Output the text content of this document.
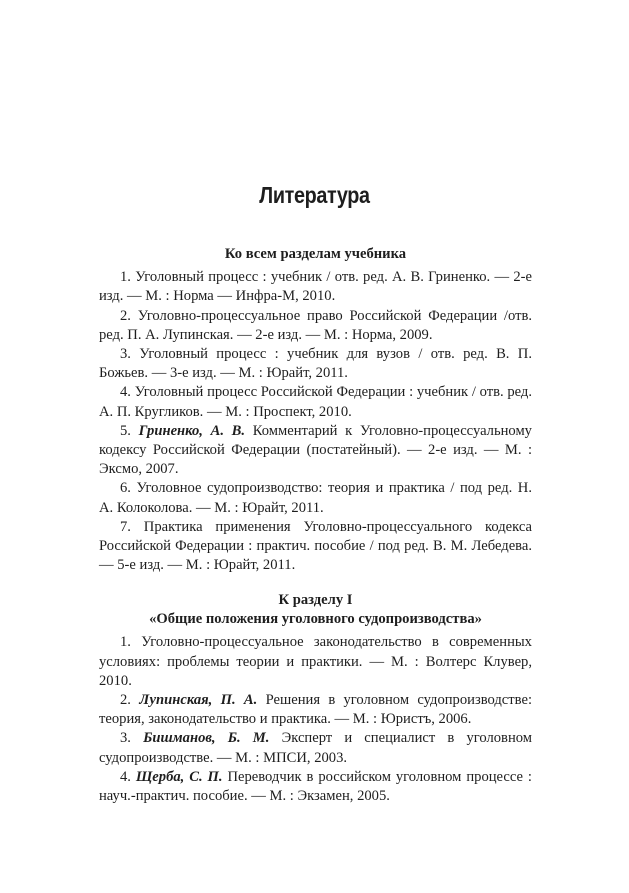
Литература
Ко всем разделам учебника

1. Уголовный процесс : учебник / отв. ред. А. В. Гриненко. — 2-е изд. — М. : Норма — Инфра-М, 2010.

2. Уголовно-процессуальное право Российской Федерации /отв. ред. П. А. Лупинская. — 2-е изд. — М. : Норма, 2009.

3. Уголовный процесс : учебник для вузов / отв. ред. В. П. Божьев. — 3-е изд. — М. : Юрайт, 2011.

4. Уголовный процесс Российской Федерации : учебник / отв. ред. А. П. Кругликов. — М. : Проспект, 2010.

5. Гриненко, А. В. Комментарий к Уголовно-процессуальному кодексу Российской Федерации (постатейный). — 2-е изд. — М. : Эксмо, 2007.

6. Уголовное судопроизводство: теория и практика / под ред. Н. А. Колоколова. — М. : Юрайт, 2011.

7. Практика применения Уголовно-процессуального кодекса Российской Федерации : практич. пособие / под ред. В. М. Лебедева. — 5-е изд. — М. : Юрайт, 2011.

К разделу I
«Общие положения уголовного судопроизводства»

1. Уголовно-процессуальное законодательство в современных условиях: проблемы теории и практики. — М. : Волтерс Клувер, 2010.

2. Лупинская, П. А. Решения в уголовном судопроизводстве: теория, законодательство и практика. — М. : Юристъ, 2006.

3. Бишманов, Б. М. Эксперт и специалист в уголовном судопроизводстве. — М. : МПСИ, 2003.

4. Щерба, С. П. Переводчик в российском уголовном процессе : науч.-практич. пособие. — М. : Экзамен, 2005.
